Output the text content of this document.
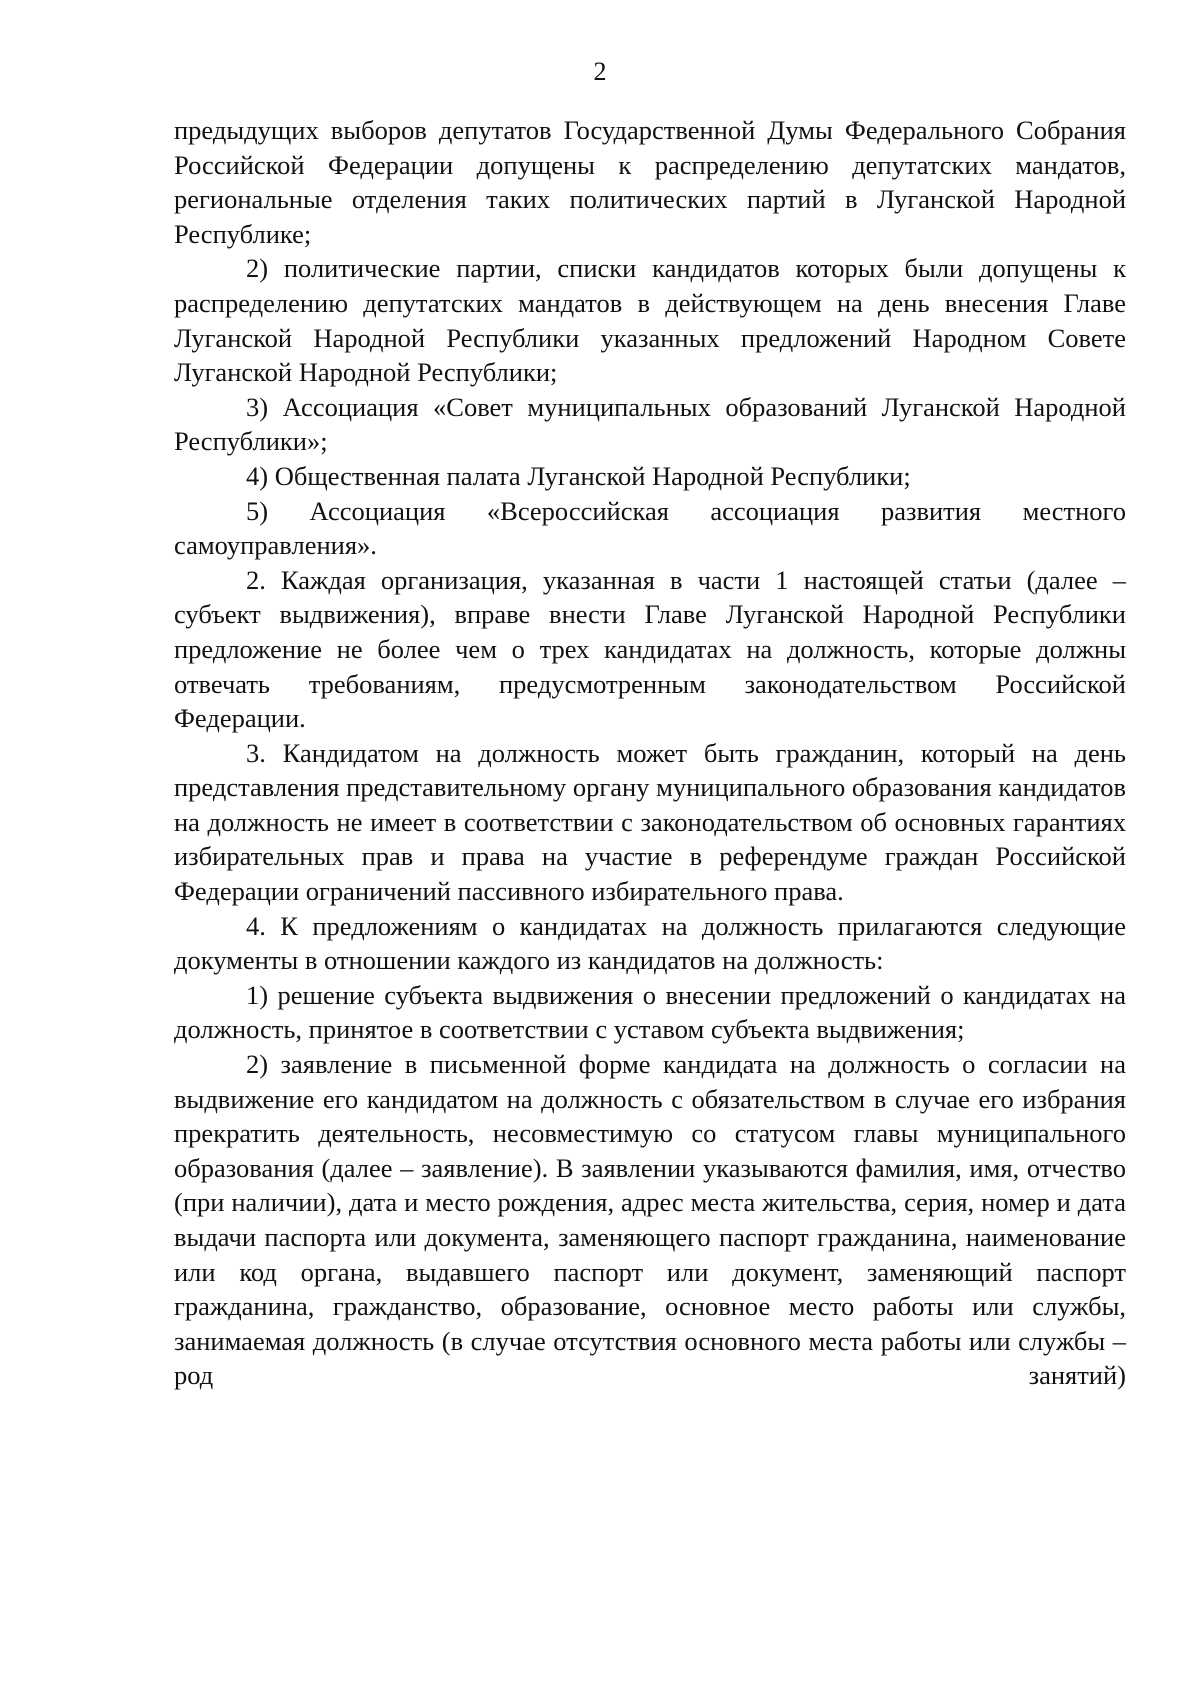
2

предыдущих выборов депутатов Государственной Думы Федерального Собрания Российской Федерации допущены к распределению депутатских мандатов, региональные отделения таких политических партий в Луганской Народной Республике;

2) политические партии, списки кандидатов которых были допущены к распределению депутатских мандатов в действующем на день внесения Главе Луганской Народной Республики указанных предложений Народном Совете Луганской Народной Республики;

3) Ассоциация «Совет муниципальных образований Луганской Народной Республики»;

4) Общественная палата Луганской Народной Республики;

5) Ассоциация «Всероссийская ассоциация развития местного самоуправления».

2. Каждая организация, указанная в части 1 настоящей статьи (далее – субъект выдвижения), вправе внести Главе Луганской Народной Республики предложение не более чем о трех кандидатах на должность, которые должны отвечать требованиям, предусмотренным законодательством Российской Федерации.

3. Кандидатом на должность может быть гражданин, который на день представления представительному органу муниципального образования кандидатов на должность не имеет в соответствии с законодательством об основных гарантиях избирательных прав и права на участие в референдуме граждан Российской Федерации ограничений пассивного избирательного права.

4. К предложениям о кандидатах на должность прилагаются следующие документы в отношении каждого из кандидатов на должность:

1) решение субъекта выдвижения о внесении предложений о кандидатах на должность, принятое в соответствии с уставом субъекта выдвижения;

2) заявление в письменной форме кандидата на должность о согласии на выдвижение его кандидатом на должность с обязательством в случае его избрания прекратить деятельность, несовместимую со статусом главы муниципального образования (далее – заявление). В заявлении указываются фамилия, имя, отчество (при наличии), дата и место рождения, адрес места жительства, серия, номер и дата выдачи паспорта или документа, заменяющего паспорт гражданина, наименование или код органа, выдавшего паспорт или документ, заменяющий паспорт гражданина, гражданство, образование, основное место работы или службы, занимаемая должность (в случае отсутствия основного места работы или службы – род занятий)
